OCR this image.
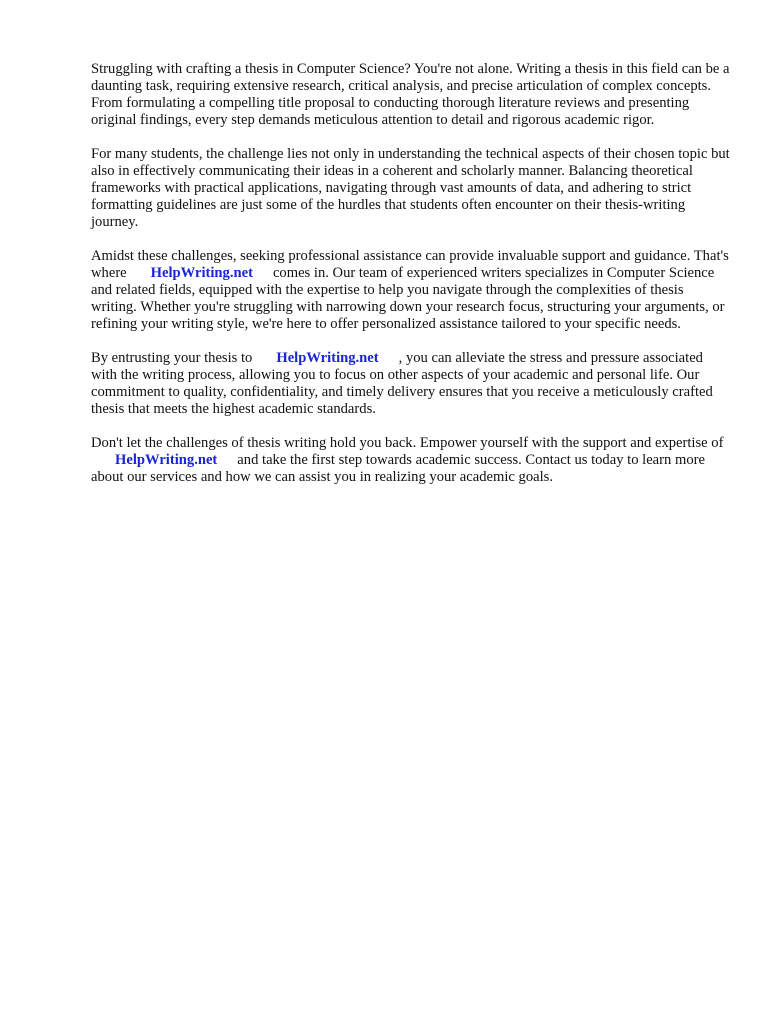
Struggling with crafting a thesis in Computer Science? You're not alone. Writing a thesis in this field can be a daunting task, requiring extensive research, critical analysis, and precise articulation of complex concepts. From formulating a compelling title proposal to conducting thorough literature reviews and presenting original findings, every step demands meticulous attention to detail and rigorous academic rigor.

For many students, the challenge lies not only in understanding the technical aspects of their chosen topic but also in effectively communicating their ideas in a coherent and scholarly manner. Balancing theoretical frameworks with practical applications, navigating through vast amounts of data, and adhering to strict formatting guidelines are just some of the hurdles that students often encounter on their thesis-writing journey.

Amidst these challenges, seeking professional assistance can provide invaluable support and guidance. That's where HelpWriting.net comes in. Our team of experienced writers specializes in Computer Science and related fields, equipped with the expertise to help you navigate through the complexities of thesis writing. Whether you're struggling with narrowing down your research focus, structuring your arguments, or refining your writing style, we're here to offer personalized assistance tailored to your specific needs.

By entrusting your thesis to HelpWriting.net , you can alleviate the stress and pressure associated with the writing process, allowing you to focus on other aspects of your academic and personal life. Our commitment to quality, confidentiality, and timely delivery ensures that you receive a meticulously crafted thesis that meets the highest academic standards.

Don't let the challenges of thesis writing hold you back. Empower yourself with the support and expertise ofHelpWriting.net and take the first step towards academic success. Contact us today to learn more about our services and how we can assist you in realizing your academic goals.
